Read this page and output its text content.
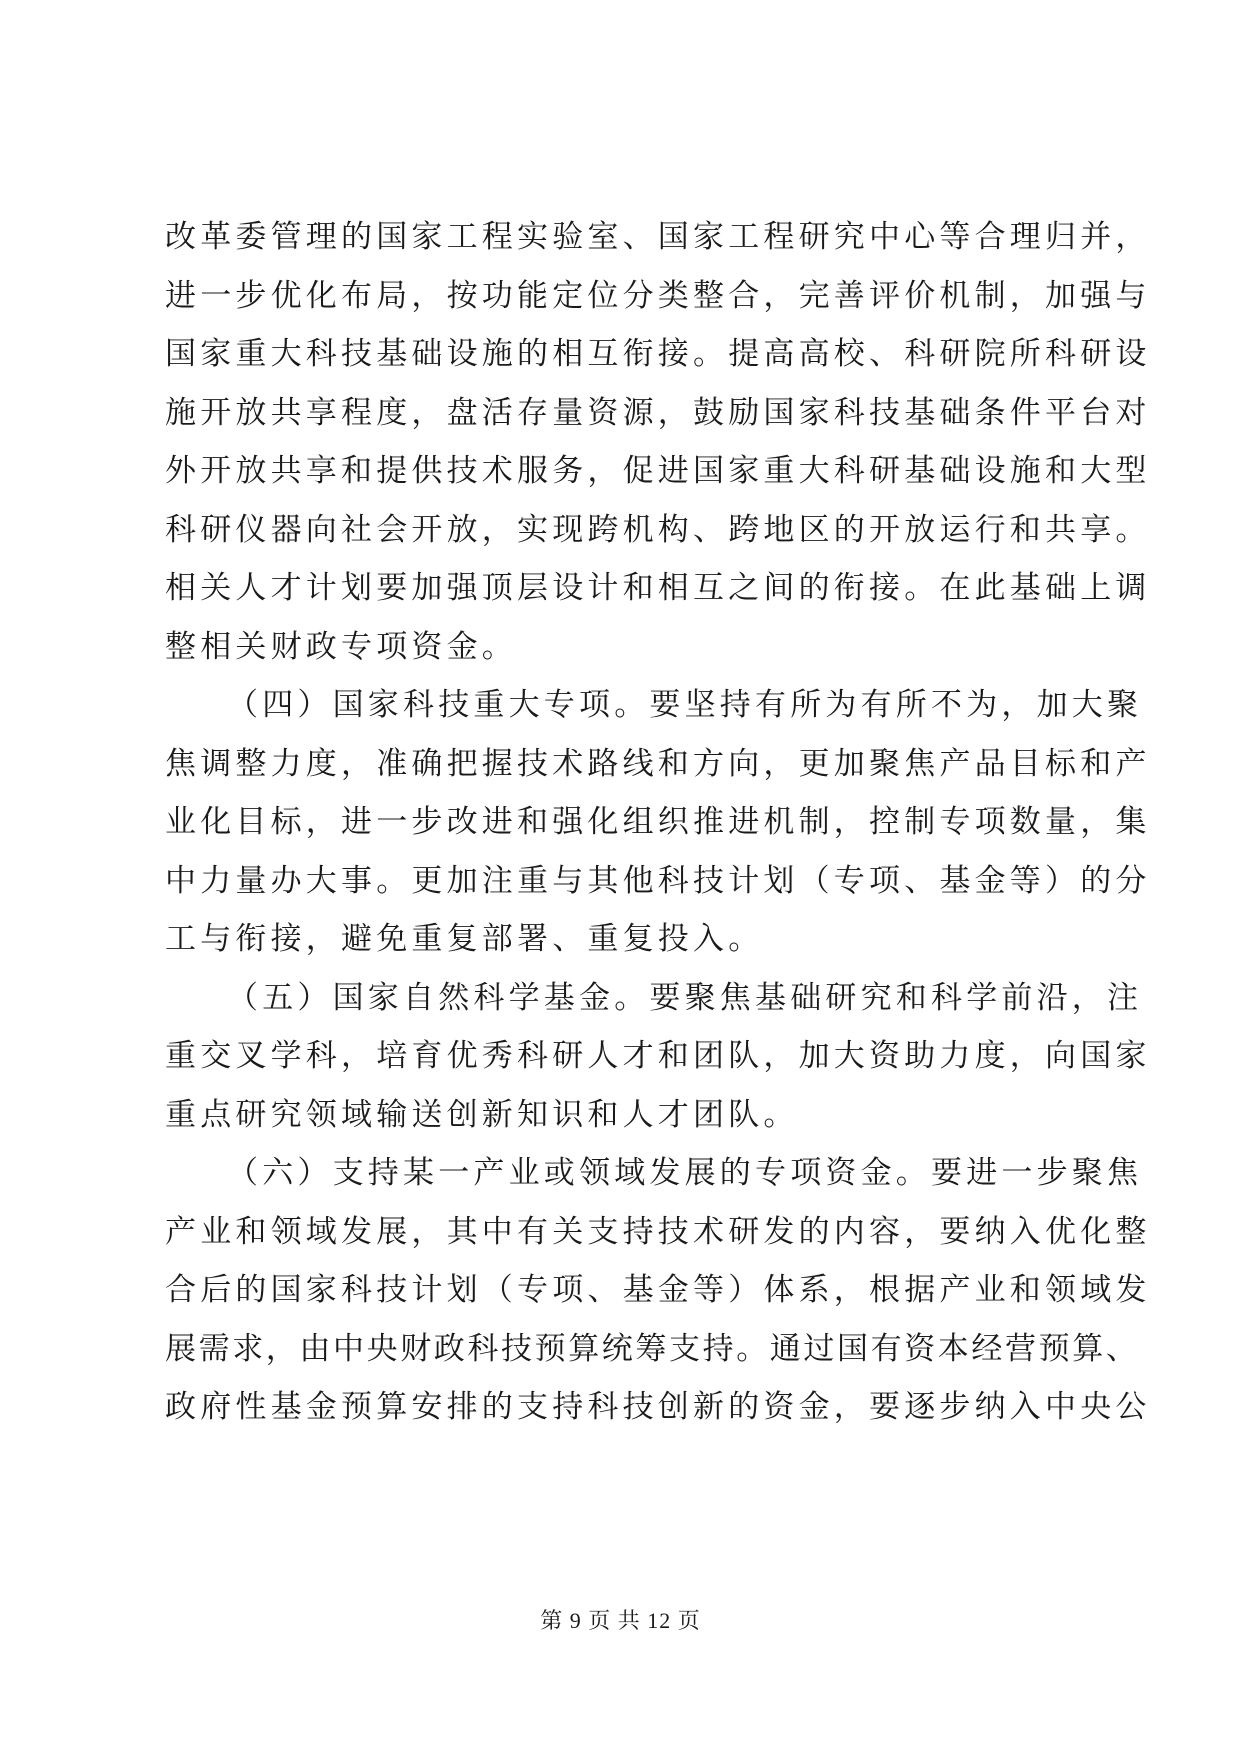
改革委管理的国家工程实验室、国家工程研究中心等合理归并，
进一步优化布局，按功能定位分类整合，完善评价机制，加强与
国家重大科技基础设施的相互衔接。提高高校、科研院所科研设
施开放共享程度，盘活存量资源，鼓励国家科技基础条件平台对
外开放共享和提供技术服务，促进国家重大科研基础设施和大型
科研仪器向社会开放，实现跨机构、跨地区的开放运行和共享。
相关人才计划要加强顶层设计和相互之间的衔接。在此基础上调
整相关财政专项资金。
（四）国家科技重大专项。要坚持有所为有所不为，加大聚
焦调整力度，准确把握技术路线和方向，更加聚焦产品目标和产
业化目标，进一步改进和强化组织推进机制，控制专项数量，集
中力量办大事。更加注重与其他科技计划（专项、基金等）的分
工与衔接，避免重复部署、重复投入。
（五）国家自然科学基金。要聚焦基础研究和科学前沿，注
重交叉学科，培育优秀科研人才和团队，加大资助力度，向国家
重点研究领域输送创新知识和人才团队。
（六）支持某一产业或领域发展的专项资金。要进一步聚焦
产业和领域发展，其中有关支持技术研发的内容，要纳入优化整
合后的国家科技计划（专项、基金等）体系，根据产业和领域发
展需求，由中央财政科技预算统筹支持。通过国有资本经营预算、
政府性基金预算安排的支持科技创新的资金，要逐步纳入中央公
第 9 页 共 12 页
